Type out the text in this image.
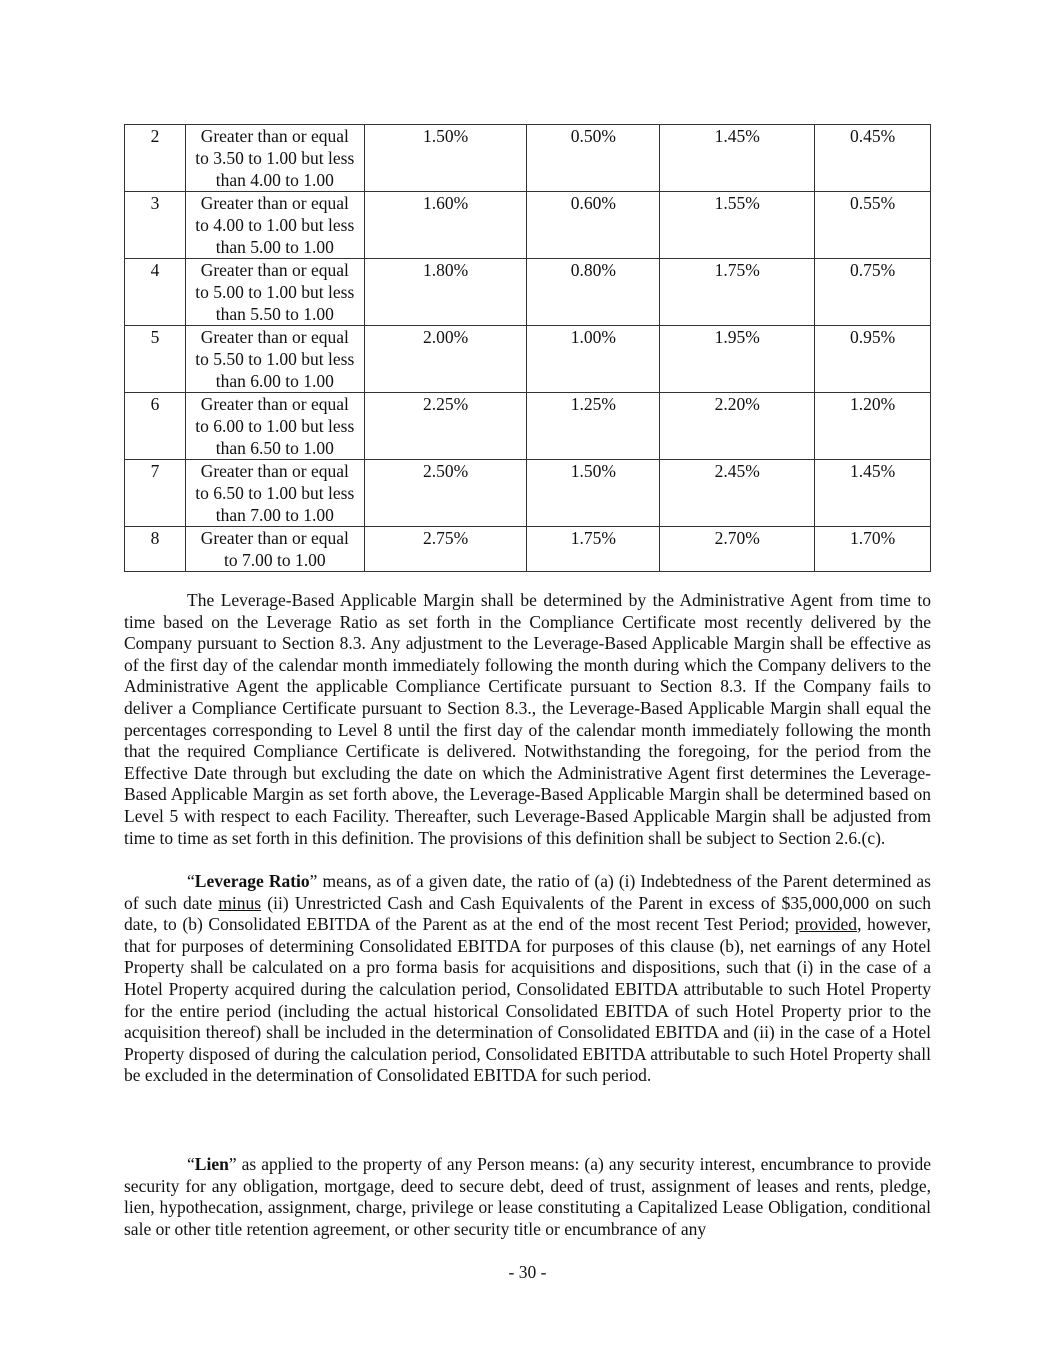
2	Greater than or equal
to 3.50 to 1.00 but less
than 4.00 to 1.00	1.50%	0.50%	1.45%	0.45%
3	Greater than or equal
to 4.00 to 1.00 but less
than 5.00 to 1.00	1.60%	0.60%	1.55%	0.55%
4	Greater than or equal
to 5.00 to 1.00 but less
than 5.50 to 1.00	1.80%	0.80%	1.75%	0.75%
5	Greater than or equal
to 5.50 to 1.00 but less
than 6.00 to 1.00	2.00%	1.00%	1.95%	0.95%
6	Greater than or equal
to 6.00 to 1.00 but less
than 6.50 to 1.00	2.25%	1.25%	2.20%	1.20%
7	Greater than or equal
to 6.50 to 1.00 but less
than 7.00 to 1.00	2.50%	1.50%	2.45%	1.45%
8	Greater than or equal
to 7.00 to 1.00	2.75%	1.75%	2.70%	1.70%
The Leverage-Based Applicable Margin shall be determined by the Administrative Agent from time to time based on the Leverage Ratio as set forth in the Compliance Certificate most recently delivered by the Company pursuant to Section 8.3. Any adjustment to the Leverage-Based Applicable Margin shall be effective as of the first day of the calendar month immediately following the month during which the Company delivers to the Administrative Agent the applicable Compliance Certificate pursuant to Section 8.3. If the Company fails to deliver a Compliance Certificate pursuant to Section 8.3., the Leverage-Based Applicable Margin shall equal the percentages corresponding to Level 8 until the first day of the calendar month immediately following the month that the required Compliance Certificate is delivered. Notwithstanding the foregoing, for the period from the Effective Date through but excluding the date on which the Administrative Agent first determines the Leverage-Based Applicable Margin as set forth above, the Leverage-Based Applicable Margin shall be determined based on Level 5 with respect to each Facility. Thereafter, such Leverage-Based Applicable Margin shall be adjusted from time to time as set forth in this definition. The provisions of this definition shall be subject to Section 2.6.(c).
“Leverage Ratio” means, as of a given date, the ratio of (a) (i) Indebtedness of the Parent determined as of such date minus (ii) Unrestricted Cash and Cash Equivalents of the Parent in excess of $35,000,000 on such date, to (b) Consolidated EBITDA of the Parent as at the end of the most recent Test Period; provided, however, that for purposes of determining Consolidated EBITDA for purposes of this clause (b), net earnings of any Hotel Property shall be calculated on a pro forma basis for acquisitions and dispositions, such that (i) in the case of a Hotel Property acquired during the calculation period, Consolidated EBITDA attributable to such Hotel Property for the entire period (including the actual historical Consolidated EBITDA of such Hotel Property prior to the acquisition thereof) shall be included in the determination of Consolidated EBITDA and (ii) in the case of a Hotel Property disposed of during the calculation period, Consolidated EBITDA attributable to such Hotel Property shall be excluded in the determination of Consolidated EBITDA for such period.
“Lien” as applied to the property of any Person means: (a) any security interest, encumbrance to provide security for any obligation, mortgage, deed to secure debt, deed of trust, assignment of leases and rents, pledge, lien, hypothecation, assignment, charge, privilege or lease constituting a Capitalized Lease Obligation, conditional sale or other title retention agreement, or other security title or encumbrance of any
- 30 -
